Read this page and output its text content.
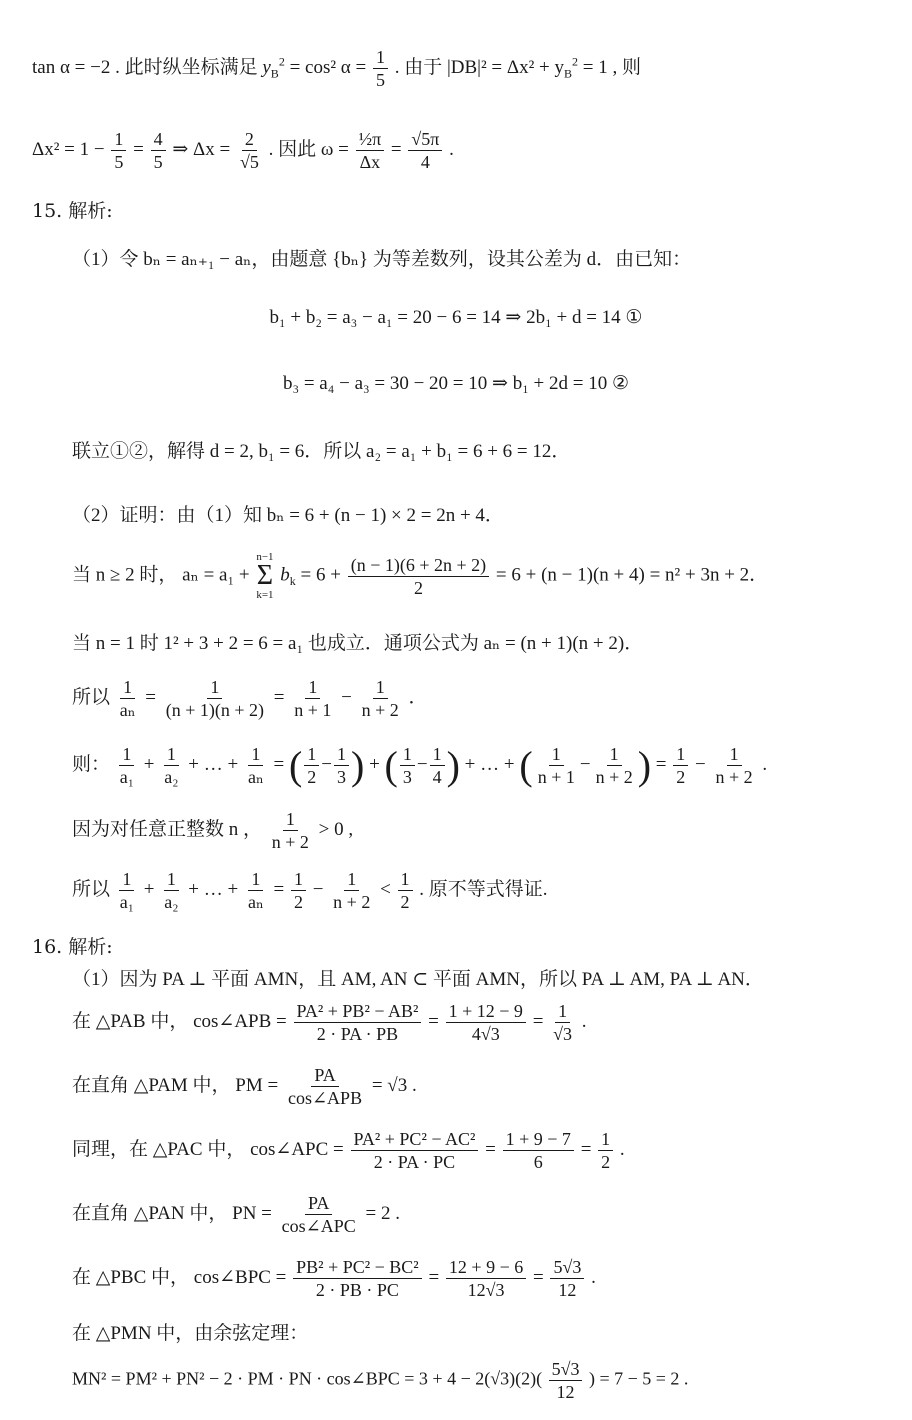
tan α = −2 . 此时纵坐标满足 $y_B^2 = \cos^2$ $\alpha = \frac{1}{5}$ . 由于 $|DB|^2 = \Delta x^2 + y_B^2 = 1$ , 则
$\Delta x^2 = 1 - \frac{1}{5} = \frac{4}{5}$ ⇒ $\Delta x = \frac{2}{√5}$ . 因此 $\omega = \frac{\text{½π}}{\Delta x} = \frac{√5\pi}{4}$ .
15. 解析:
（1）令 bₙ = aₙ₊₁ − aₙ，由题意 {bₙ} 为等差数列，设其公差为 d．由已知：
b₁ + b₂ = a₃ − a₁ = 20 − 6 = 14 ⇒ 2b₁ + d = 14 ①
b₃ = a₄ − a₃ = 30 − 20 = 10 ⇒ b₁ + 2d = 10 ②
联立①②，解得 d = 2, b₁ = 6．所以 a₂ = a₁ + b₁ = 6 + 6 = 12．
（2）证明：由（1）知 bₙ = 6 + (n − 1) × 2 = 2n + 4．
当 n ≥ 2 时， aₙ = a₁ +
n−1
Σ
k=1
$b_k = 6 + \frac{(n - 1)(6 + 2n + 2)}{2} = 6 + (n - 1)(n + 4) = n^2 + 3n + 2$．
当 n = 1 时 1² + 3 + 2 = 6 = a₁ 也成立．通项公式为 aₙ = (n + 1)(n + 2)．
所以 $\frac{1}{\text{aₙ}} = \frac{1}{(n + 1)(n + 2)} = \frac{1}{n + 1} - \frac{1}{n + 2}$ ．
则： $\frac{1}{\text{a₁}} + \frac{1}{\text{a₂}}$ + … + $\frac{1}{\text{aₙ}}$ = ( $\frac{1}{2} - \frac{1}{3}$ ) + ( $\frac{1}{3} - \frac{1}{4}$ ) + … + ( $\frac{1}{n + 1} - \frac{1}{n + 2}$ ) = $\frac{1}{2} - \frac{1}{n + 2}$ .
因为对任意正整数 n ， $\frac{1}{n + 2} > 0$ ,
所以 $\frac{1}{\text{a₁}} + \frac{1}{\text{a₂}}$ + … + $\frac{1}{\text{aₙ}} = \frac{1}{2} - \frac{1}{n + 2} < \frac{1}{2}$ . 原不等式得证.
16. 解析:
（1）因为 PA ⊥ 平面 AMN，且 AM, AN ⊂ 平面 AMN，所以 PA ⊥ AM, PA ⊥ AN．
在 △PAB 中， cos∠APB = $\frac{\text{PA² + PB² − AB²}}{2 \cdot PA \cdot PB} = \frac{1 + 12 - 9}{4√3} = \frac{1}{√3}$ .
在直角 △PAM 中， PM = $\frac{PA}{\text{cos∠APB}} = √3$ .
同理，在 △PAC 中， cos∠APC = $\frac{\text{PA² + PC² − AC²}}{2 \cdot PA \cdot PC} = \frac{1 + 9 - 7}{6} = \frac{1}{2}$ .
在直角 △PAN 中， PN = $\frac{PA}{\text{cos∠APC}} = 2$ .
在 △PBC 中， cos∠BPC = $\frac{\text{PB² + PC² − BC²}}{2 \cdot PB \cdot PC} = \frac{12 + 9 - 6}{12√3} = \frac{5√3}{12}$ .
在 △PMN 中，由余弦定理：
MN² = PM² + PN² − 2 · PM · PN · cos∠BPC = $3 + 4 - 2(√3)(2)( \frac{5√3}{12}$ ) = 7 − 5 = 2 .
